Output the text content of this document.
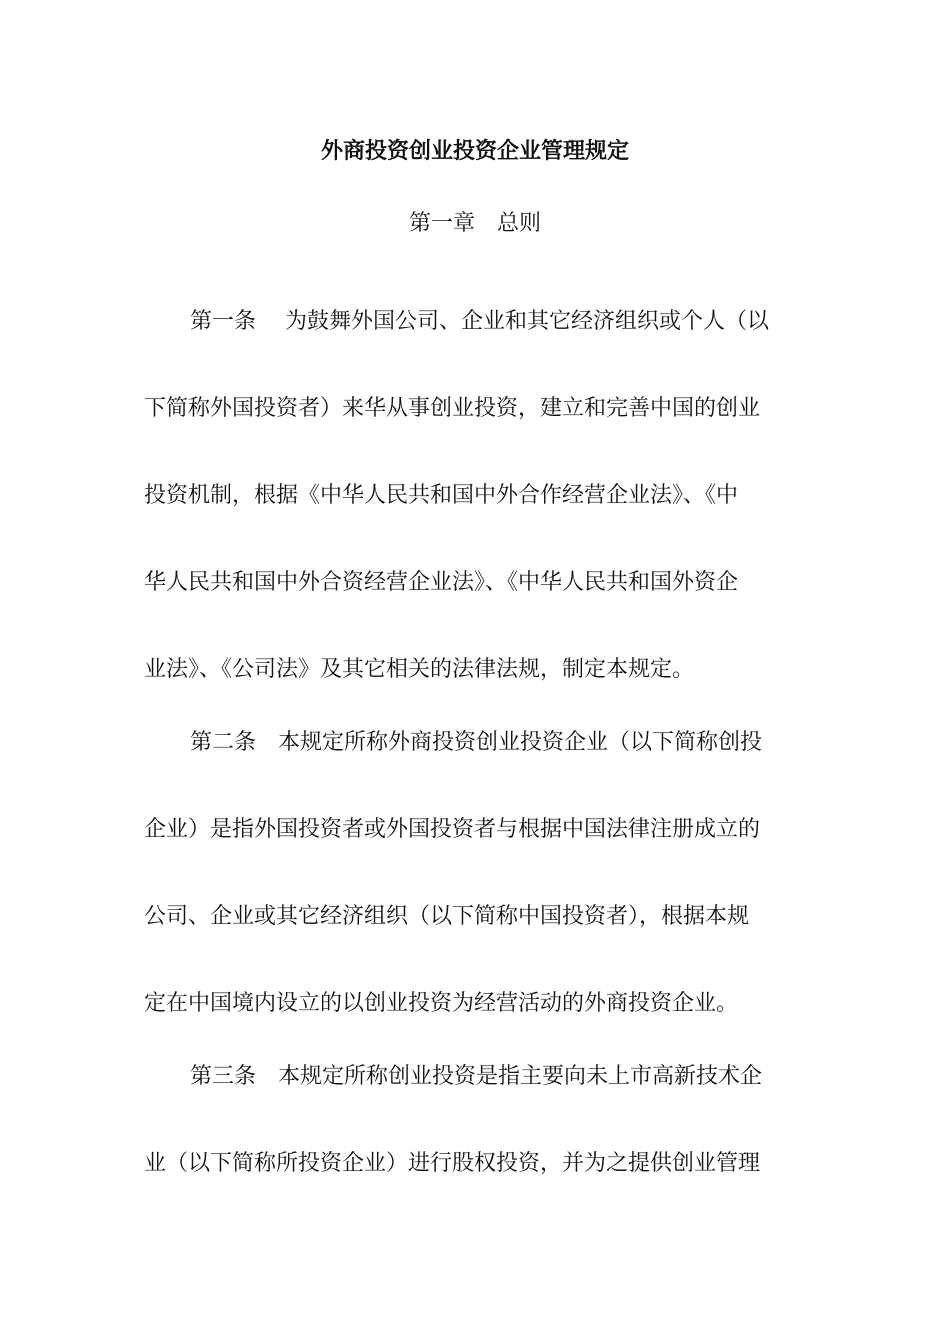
外商投资创业投资企业管理规定
第一章　总则
第一条　 为鼓舞外国公司、企业和其它经济组织或个人（以
下简称外国投资者）来华从事创业投资，建立和完善中国的创业
投资机制，根据《中华人民共和国中外合作经营企业法》、《中
华人民共和国中外合资经营企业法》、《中华人民共和国外资企
业法》、《公司法》及其它相关的法律法规，制定本规定。
第二条　本规定所称外商投资创业投资企业（以下简称创投
企业）是指外国投资者或外国投资者与根据中国法律注册成立的
公司、企业或其它经济组织（以下简称中国投资者），根据本规
定在中国境内设立的以创业投资为经营活动的外商投资企业。
第三条　本规定所称创业投资是指主要向未上市高新技术企
业（以下简称所投资企业）进行股权投资，并为之提供创业管理
